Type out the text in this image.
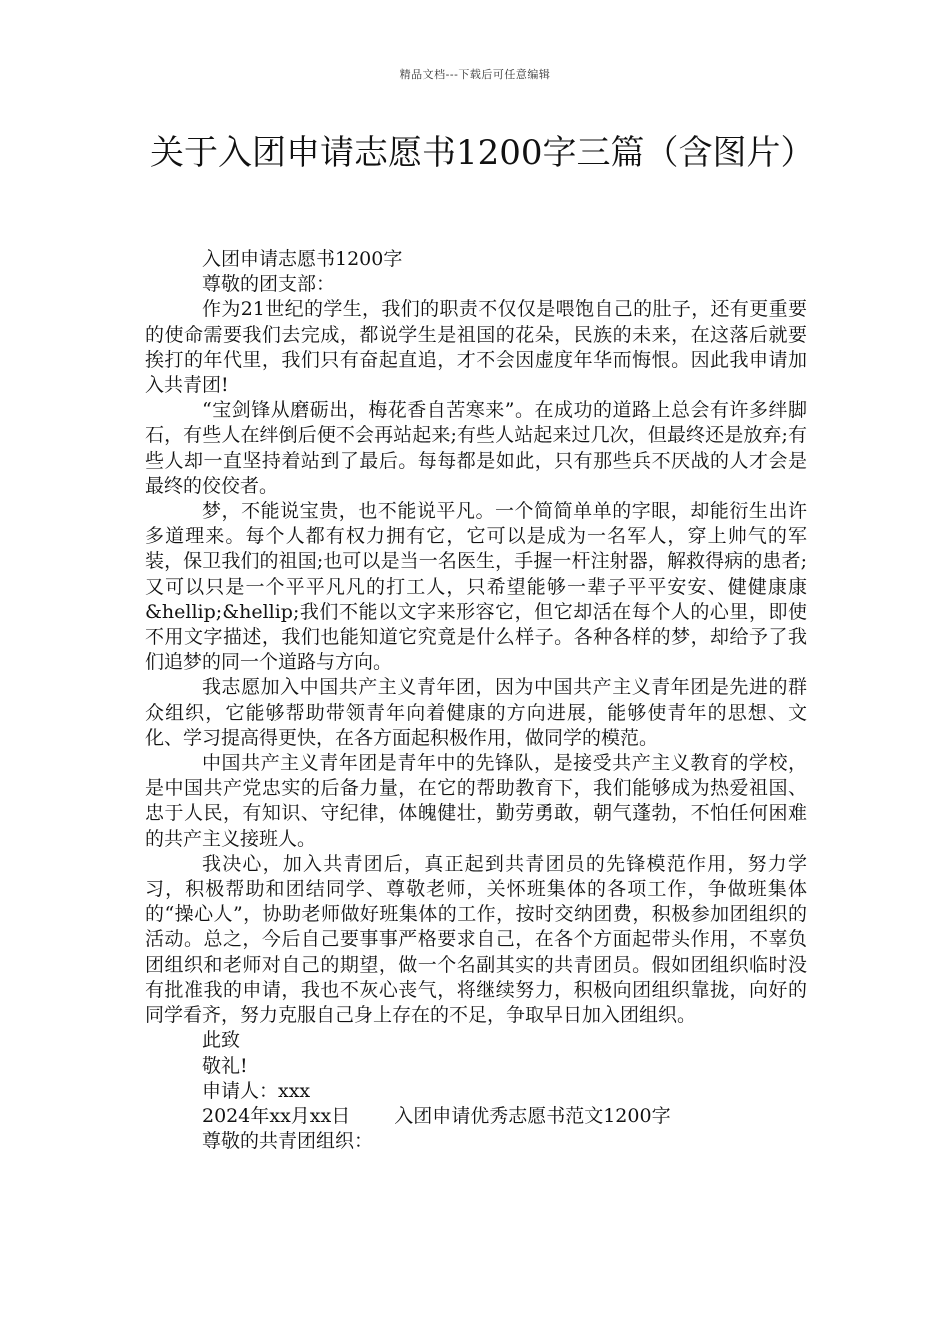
精品文档---下载后可任意编辑
关于入团申请志愿书1200字三篇（含图片）

入团申请志愿书1200字

尊敬的团支部：

作为21世纪的学生，我们的职责不仅仅是喂饱自己的肚子，还有更重要的使命需要我们去完成，都说学生是祖国的花朵，民族的未来，在这落后就要挨打的年代里，我们只有奋起直追，才不会因虚度年华而悔恨。因此我申请加入共青团!

“宝剑锋从磨砺出，梅花香自苦寒来”。在成功的道路上总会有许多绊脚石，有些人在绊倒后便不会再站起来;有些人站起来过几次，但最终还是放弃;有些人却一直坚持着站到了最后。每每都是如此，只有那些兵不厌战的人才会是最终的佼佼者。

梦，不能说宝贵，也不能说平凡。一个简简单单的字眼，却能衍生出许多道理来。每个人都有权力拥有它，它可以是成为一名军人，穿上帅气的军装，保卫我们的祖国;也可以是当一名医生，手握一杆注射器，解救得病的患者;又可以只是一个平平凡凡的打工人，只希望能够一辈子平平安安、健健康康&hellip;&hellip;我们不能以文字来形容它，但它却活在每个人的心里，即使不用文字描述，我们也能知道它究竟是什么样子。各种各样的梦，却给予了我们追梦的同一个道路与方向。

我志愿加入中国共产主义青年团，因为中国共产主义青年团是先进的群众组织，它能够帮助带领青年向着健康的方向进展，能够使青年的思想、文化、学习提高得更快，在各方面起积极作用，做同学的模范。

中国共产主义青年团是青年中的先锋队，是接受共产主义教育的学校，是中国共产党忠实的后备力量，在它的帮助教育下，我们能够成为热爱祖国、忠于人民，有知识、守纪律，体魄健壮，勤劳勇敢，朝气蓬勃，不怕任何困难的共产主义接班人。

我决心，加入共青团后，真正起到共青团员的先锋模范作用，努力学习，积极帮助和团结同学、尊敬老师，关怀班集体的各项工作，争做班集体的“操心人”，协助老师做好班集体的工作，按时交纳团费，积极参加团组织的活动。总之，今后自己要事事严格要求自己，在各个方面起带头作用，不辜负团组织和老师对自己的期望，做一个名副其实的共青团员。假如团组织临时没有批准我的申请，我也不灰心丧气，将继续努力，积极向团组织靠拢，向好的同学看齐，努力克服自己身上存在的不足，争取早日加入团组织。

此致

敬礼!

申请人：xxx

2024年xx月xx日 入团申请优秀志愿书范文1200字

尊敬的共青团组织：
